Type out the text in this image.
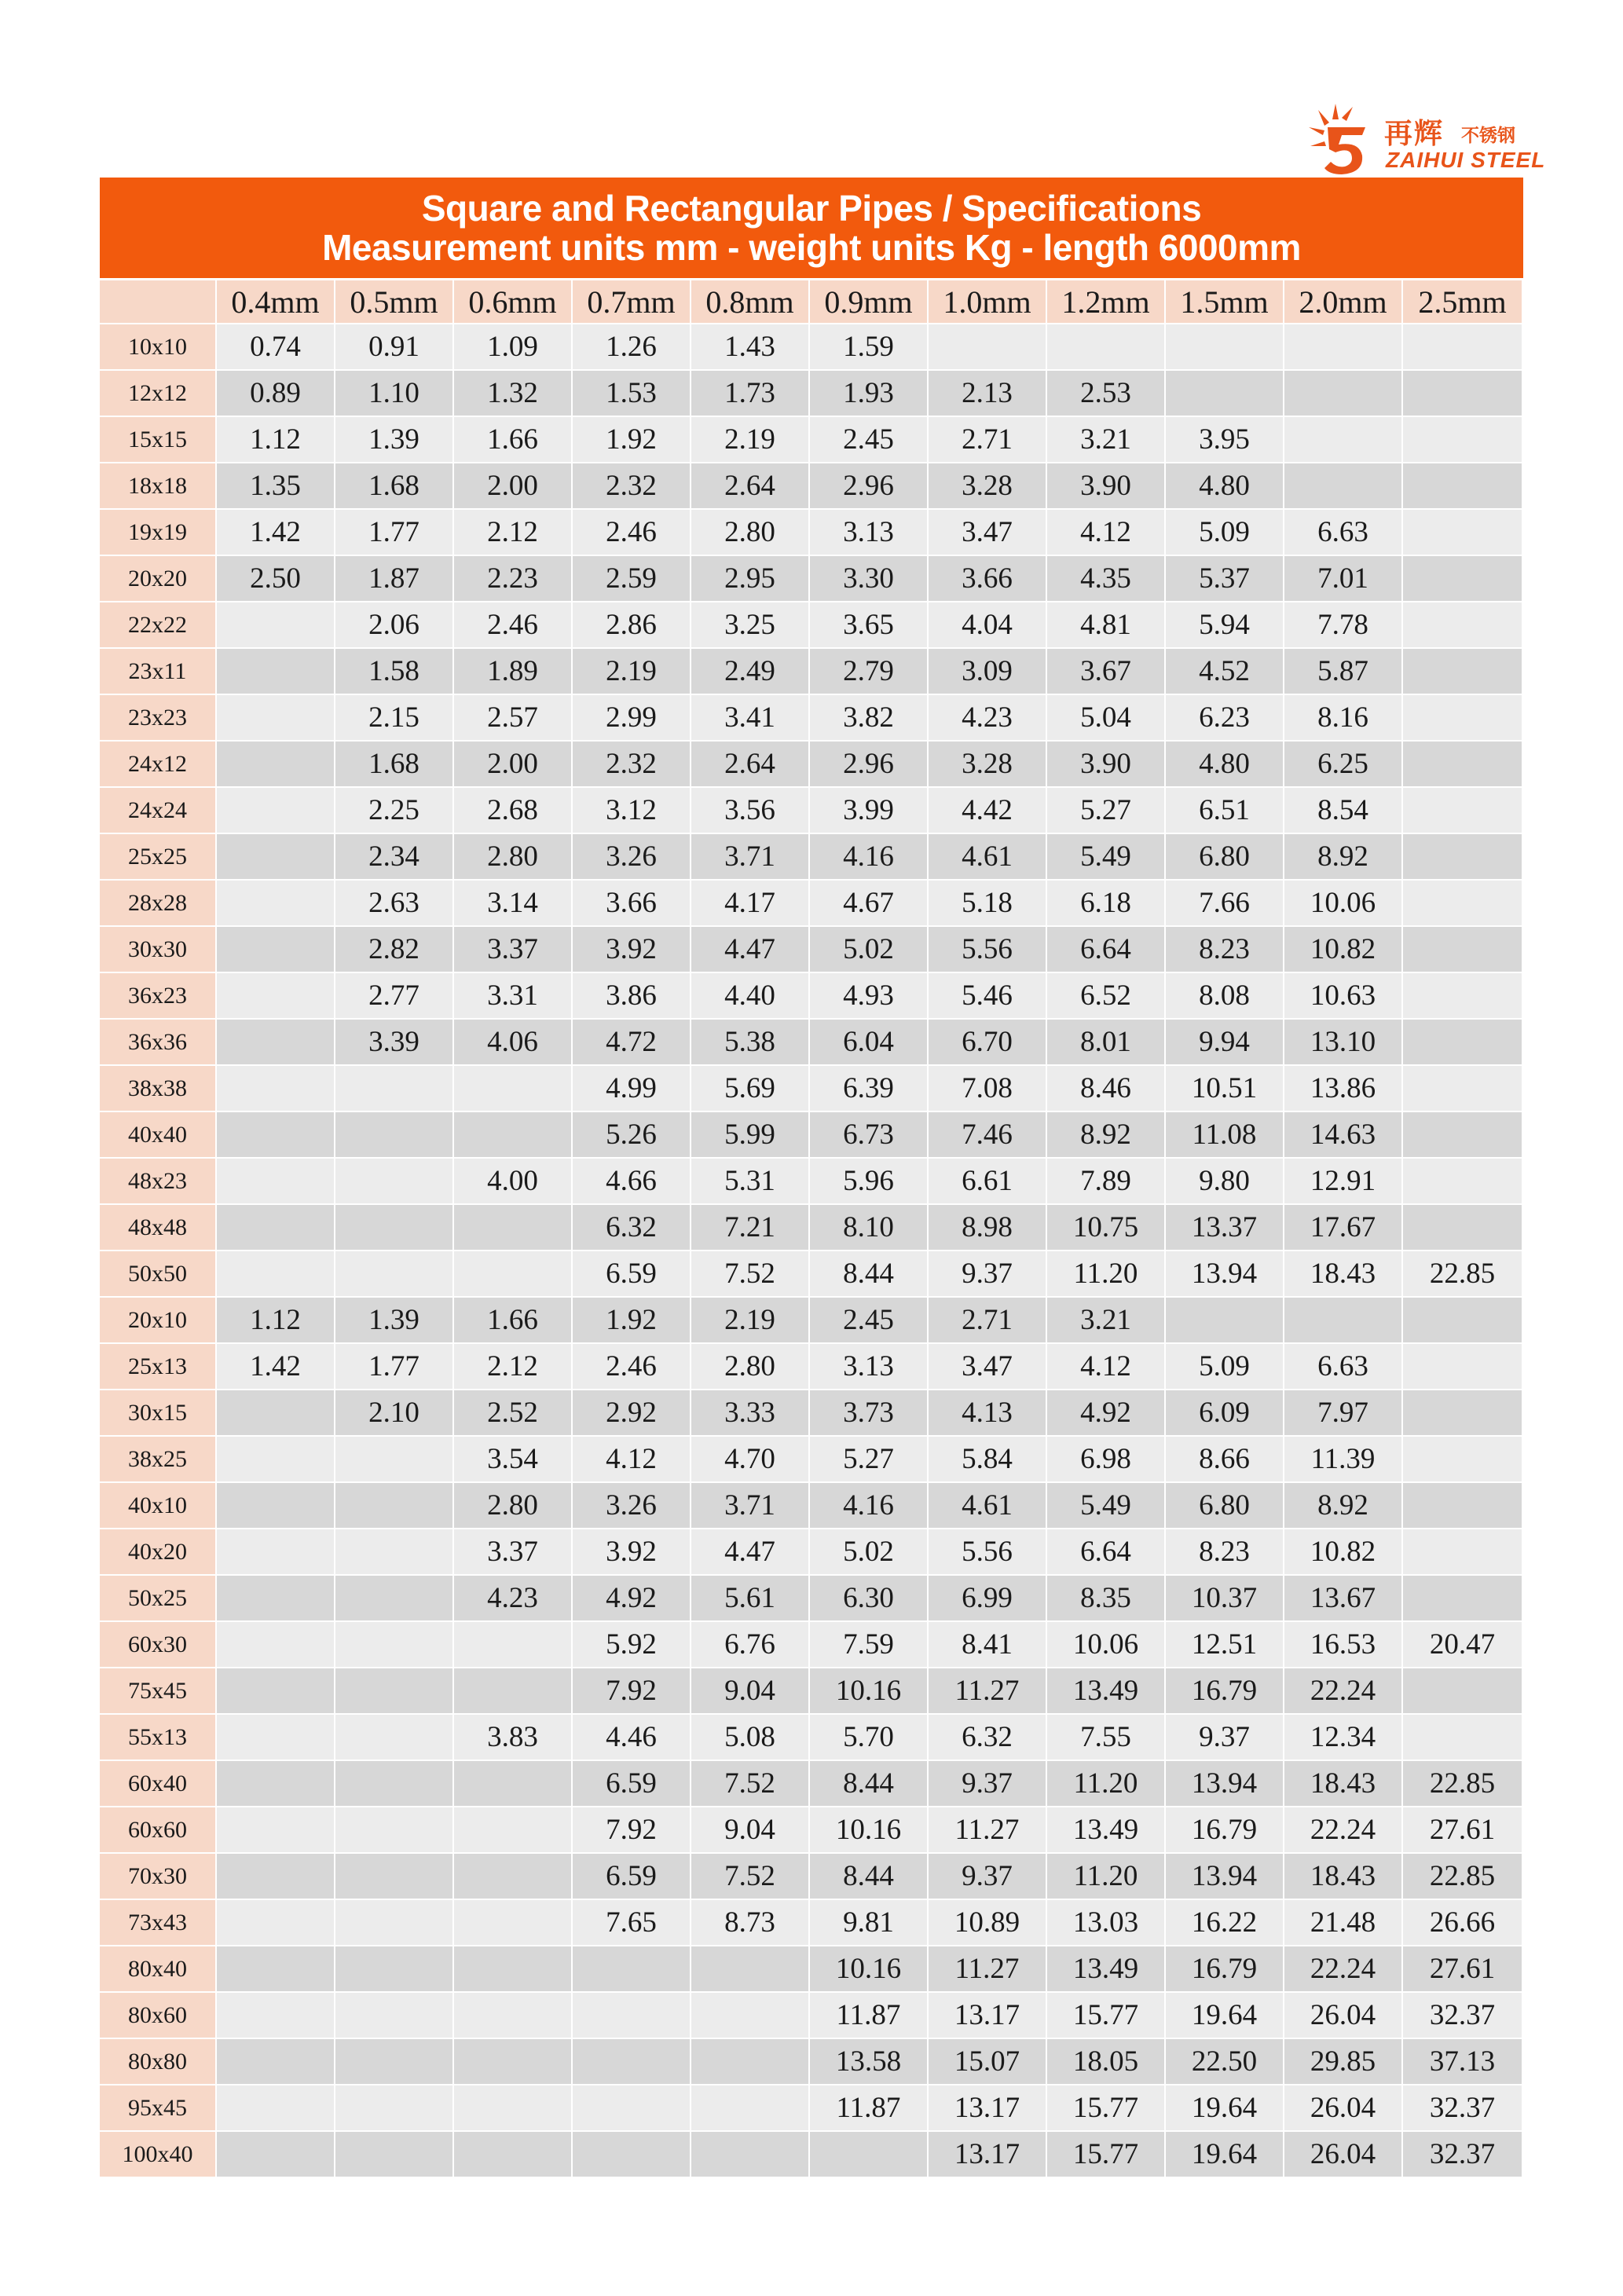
再辉 不锈钢
ZAIHUI STEEL
Square and Rectangular Pipes / Specifications
Measurement units mm - weight units Kg - length 6000mm
	0.4mm	0.5mm	0.6mm	0.7mm	0.8mm	0.9mm	1.0mm	1.2mm	1.5mm	2.0mm	2.5mm
10x10	0.74	0.91	1.09	1.26	1.43	1.59					
12x12	0.89	1.10	1.32	1.53	1.73	1.93	2.13	2.53			
15x15	1.12	1.39	1.66	1.92	2.19	2.45	2.71	3.21	3.95		
18x18	1.35	1.68	2.00	2.32	2.64	2.96	3.28	3.90	4.80		
19x19	1.42	1.77	2.12	2.46	2.80	3.13	3.47	4.12	5.09	6.63	
20x20	2.50	1.87	2.23	2.59	2.95	3.30	3.66	4.35	5.37	7.01	
22x22		2.06	2.46	2.86	3.25	3.65	4.04	4.81	5.94	7.78	
23x11		1.58	1.89	2.19	2.49	2.79	3.09	3.67	4.52	5.87	
23x23		2.15	2.57	2.99	3.41	3.82	4.23	5.04	6.23	8.16	
24x12		1.68	2.00	2.32	2.64	2.96	3.28	3.90	4.80	6.25	
24x24		2.25	2.68	3.12	3.56	3.99	4.42	5.27	6.51	8.54	
25x25		2.34	2.80	3.26	3.71	4.16	4.61	5.49	6.80	8.92	
28x28		2.63	3.14	3.66	4.17	4.67	5.18	6.18	7.66	10.06	
30x30		2.82	3.37	3.92	4.47	5.02	5.56	6.64	8.23	10.82	
36x23		2.77	3.31	3.86	4.40	4.93	5.46	6.52	8.08	10.63	
36x36		3.39	4.06	4.72	5.38	6.04	6.70	8.01	9.94	13.10	
38x38				4.99	5.69	6.39	7.08	8.46	10.51	13.86	
40x40				5.26	5.99	6.73	7.46	8.92	11.08	14.63	
48x23			4.00	4.66	5.31	5.96	6.61	7.89	9.80	12.91	
48x48				6.32	7.21	8.10	8.98	10.75	13.37	17.67	
50x50				6.59	7.52	8.44	9.37	11.20	13.94	18.43	22.85
20x10	1.12	1.39	1.66	1.92	2.19	2.45	2.71	3.21			
25x13	1.42	1.77	2.12	2.46	2.80	3.13	3.47	4.12	5.09	6.63	
30x15		2.10	2.52	2.92	3.33	3.73	4.13	4.92	6.09	7.97	
38x25			3.54	4.12	4.70	5.27	5.84	6.98	8.66	11.39	
40x10			2.80	3.26	3.71	4.16	4.61	5.49	6.80	8.92	
40x20			3.37	3.92	4.47	5.02	5.56	6.64	8.23	10.82	
50x25			4.23	4.92	5.61	6.30	6.99	8.35	10.37	13.67	
60x30				5.92	6.76	7.59	8.41	10.06	12.51	16.53	20.47
75x45				7.92	9.04	10.16	11.27	13.49	16.79	22.24	
55x13			3.83	4.46	5.08	5.70	6.32	7.55	9.37	12.34	
60x40				6.59	7.52	8.44	9.37	11.20	13.94	18.43	22.85
60x60				7.92	9.04	10.16	11.27	13.49	16.79	22.24	27.61
70x30				6.59	7.52	8.44	9.37	11.20	13.94	18.43	22.85
73x43				7.65	8.73	9.81	10.89	13.03	16.22	21.48	26.66
80x40						10.16	11.27	13.49	16.79	22.24	27.61
80x60						11.87	13.17	15.77	19.64	26.04	32.37
80x80						13.58	15.07	18.05	22.50	29.85	37.13
95x45						11.87	13.17	15.77	19.64	26.04	32.37
100x40							13.17	15.77	19.64	26.04	32.37
